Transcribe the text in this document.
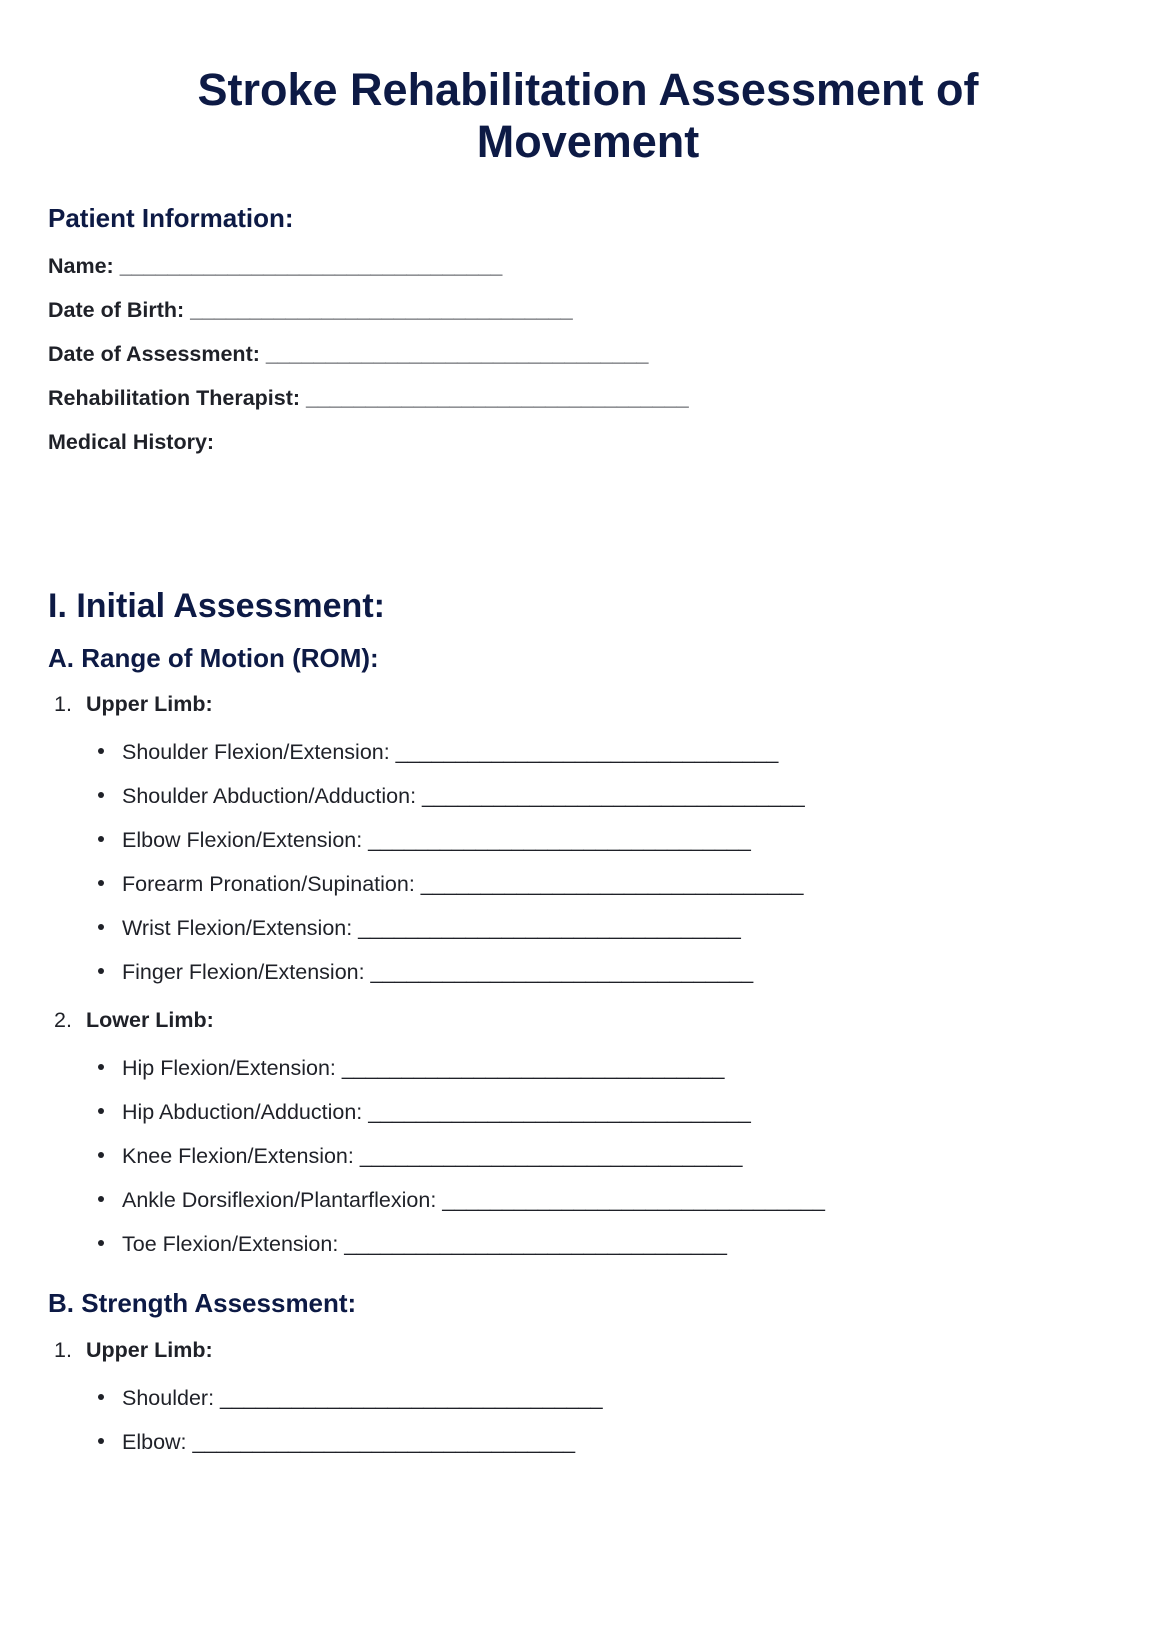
Stroke Rehabilitation Assessment of
Movement
Patient Information:
Name: ________________________________
Date of Birth: ________________________________
Date of Assessment: ________________________________
Rehabilitation Therapist: ________________________________
Medical History:
I. Initial Assessment:
A. Range of Motion (ROM):
1. Upper Limb:
Shoulder Flexion/Extension: ________________________________
Shoulder Abduction/Adduction: ________________________________
Elbow Flexion/Extension: ________________________________
Forearm Pronation/Supination: ________________________________
Wrist Flexion/Extension: ________________________________
Finger Flexion/Extension: ________________________________
2. Lower Limb:
Hip Flexion/Extension: ________________________________
Hip Abduction/Adduction: ________________________________
Knee Flexion/Extension: ________________________________
Ankle Dorsiflexion/Plantarflexion: ________________________________
Toe Flexion/Extension: ________________________________
B. Strength Assessment:
1. Upper Limb:
Shoulder: ________________________________
Elbow: ________________________________
